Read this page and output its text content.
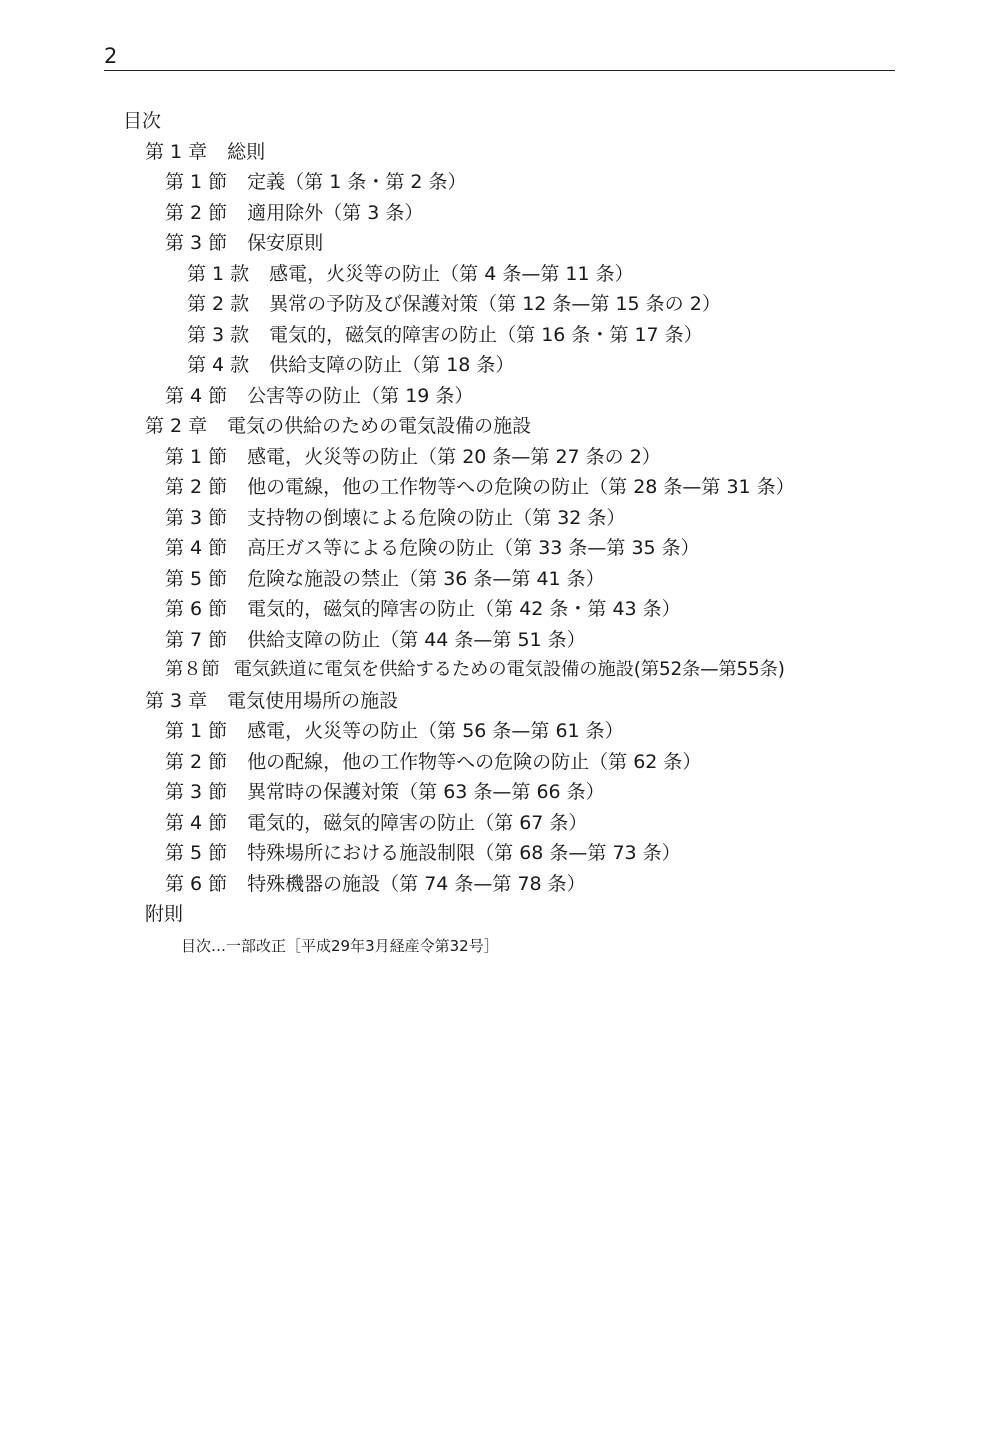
2
目次
第 1 章 総則
第 1 節 定義（第 1 条・第 2 条）
第 2 節 適用除外（第 3 条）
第 3 節 保安原則
第 1 款 感電，火災等の防止（第 4 条—第 11 条）
第 2 款 異常の予防及び保護対策（第 12 条—第 15 条の 2）
第 3 款 電気的，磁気的障害の防止（第 16 条・第 17 条）
第 4 款 供給支障の防止（第 18 条）
第 4 節 公害等の防止（第 19 条）
第 2 章 電気の供給のための電気設備の施設
第 1 節 感電，火災等の防止（第 20 条—第 27 条の 2）
第 2 節 他の電線，他の工作物等への危険の防止（第 28 条—第 31 条）
第 3 節 支持物の倒壊による危険の防止（第 32 条）
第 4 節 高圧ガス等による危険の防止（第 33 条—第 35 条）
第 5 節 危険な施設の禁止（第 36 条—第 41 条）
第 6 節 電気的，磁気的障害の防止（第 42 条・第 43 条）
第 7 節 供給支障の防止（第 44 条—第 51 条）
第８節 電気鉄道に電気を供給するための電気設備の施設(第52条—第55条)
第 3 章 電気使用場所の施設
第 1 節 感電，火災等の防止（第 56 条—第 61 条）
第 2 節 他の配線，他の工作物等への危険の防止（第 62 条）
第 3 節 異常時の保護対策（第 63 条—第 66 条）
第 4 節 電気的，磁気的障害の防止（第 67 条）
第 5 節 特殊場所における施設制限（第 68 条—第 73 条）
第 6 節 特殊機器の施設（第 74 条—第 78 条）
附則
目次…一部改正［平成29年3月経産令第32号］
